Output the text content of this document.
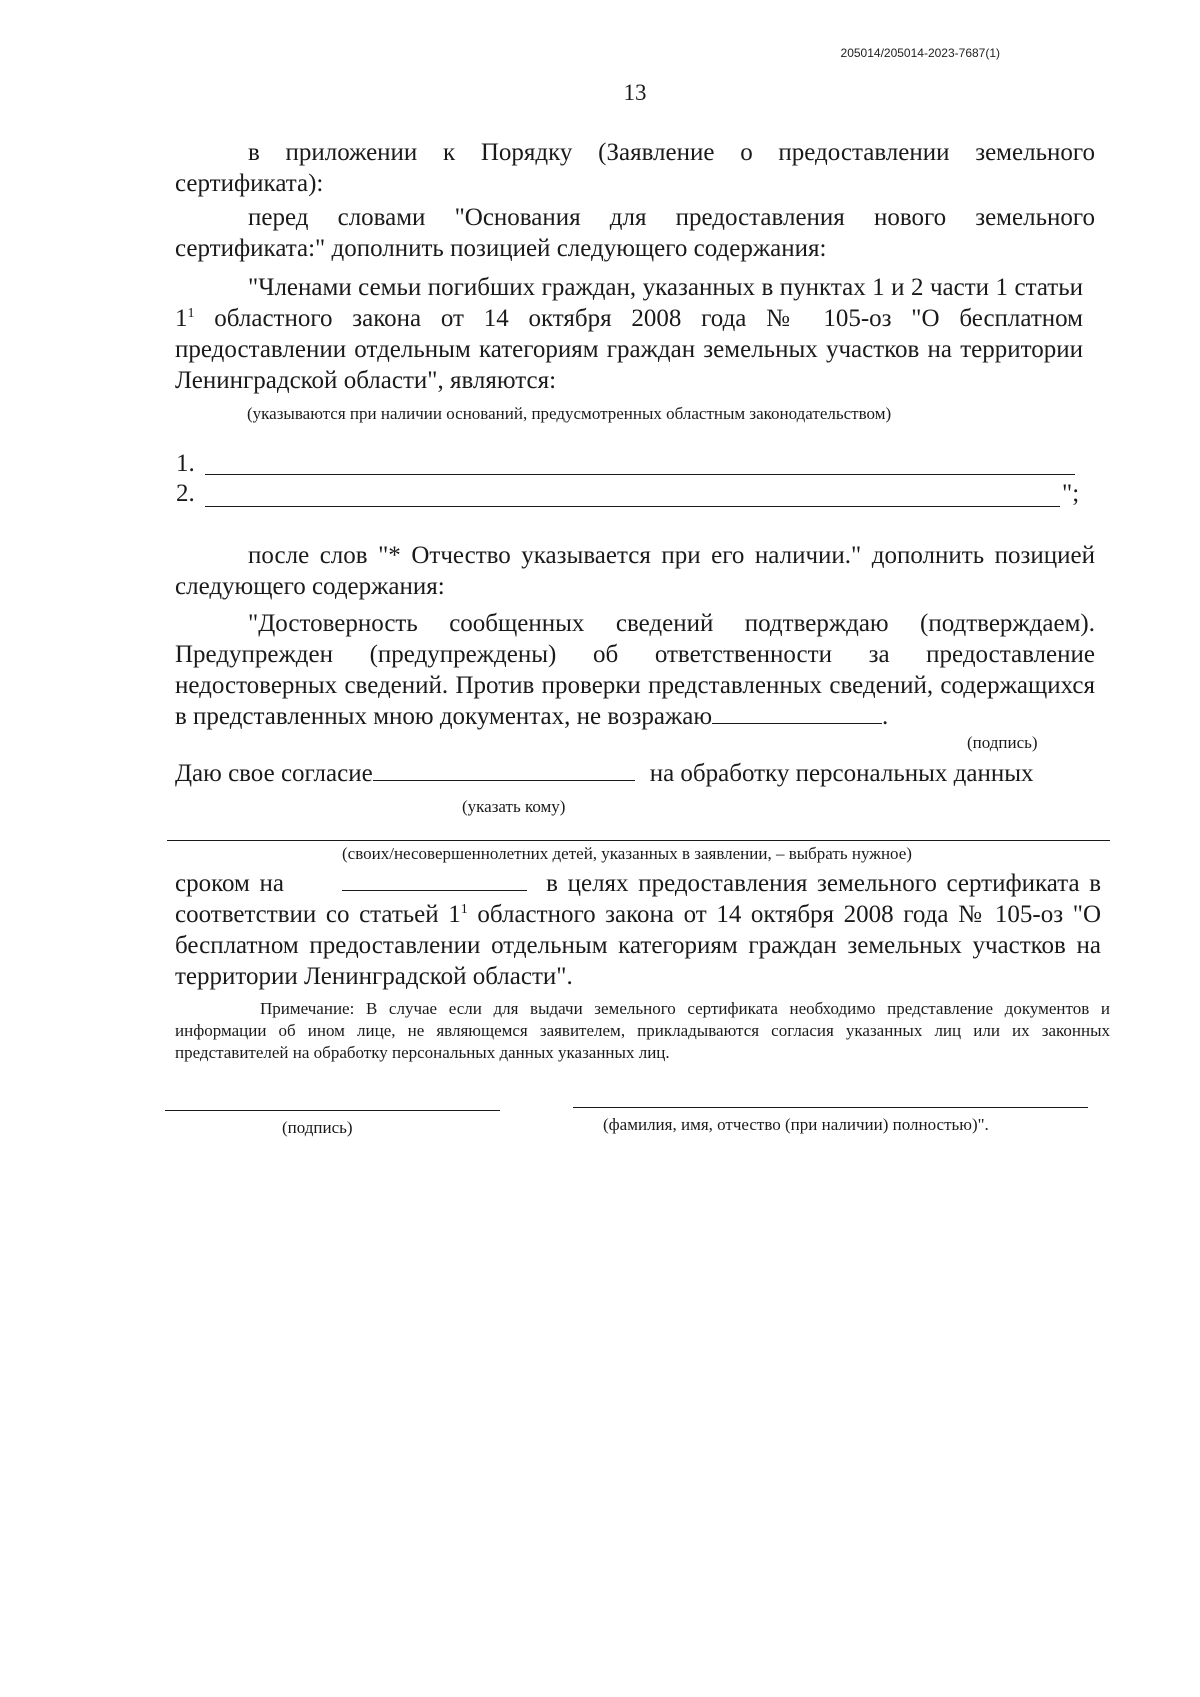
205014/205014-2023-7687(1)
13

в приложении к Порядку (Заявление о предоставлении земельного сертификата):

перед словами "Основания для предоставления нового земельного сертификата:" дополнить позицией следующего содержания:

"Членами семьи погибших граждан, указанных в пунктах 1 и 2 части 1 статьи $1^1$ областного закона от 14 октября 2008 года № 105-оз "О бесплатном предоставлении отдельным категориям граждан земельных участков на территории Ленинградской области", являются:

(указываются при наличии оснований, предусмотренных областным законодательством)
1.
2.	";

после слов "* Отчество указывается при его наличии." дополнить позицией следующего содержания:

"Достоверность сообщенных сведений подтверждаю (подтверждаем). Предупрежден (предупреждены) об ответственности за предоставление недостоверных сведений. Против проверки представленных сведений, содержащихся в представленных мною документах, не возражаю	.

(подпись)
Даю свое согласие	на обработку персональных данных
(указать кому)
(своих/несовершеннолетних детей, указанных в заявлении, – выбрать нужное)

сроком на	в целях предоставления земельного сертификата в соответствии со статьей $1^1$ областного закона от 14 октября 2008 года № 105-оз "О бесплатном предоставлении отдельным категориям граждан земельных участков на территории Ленинградской области".

Примечание: В случае если для выдачи земельного сертификата необходимо представление документов и информации об ином лице, не являющемся заявителем, прикладываются согласия указанных лиц или их законных представителей на обработку персональных данных указанных лиц.

(подпись)	(фамилия, имя, отчество (при наличии) полностью)".
